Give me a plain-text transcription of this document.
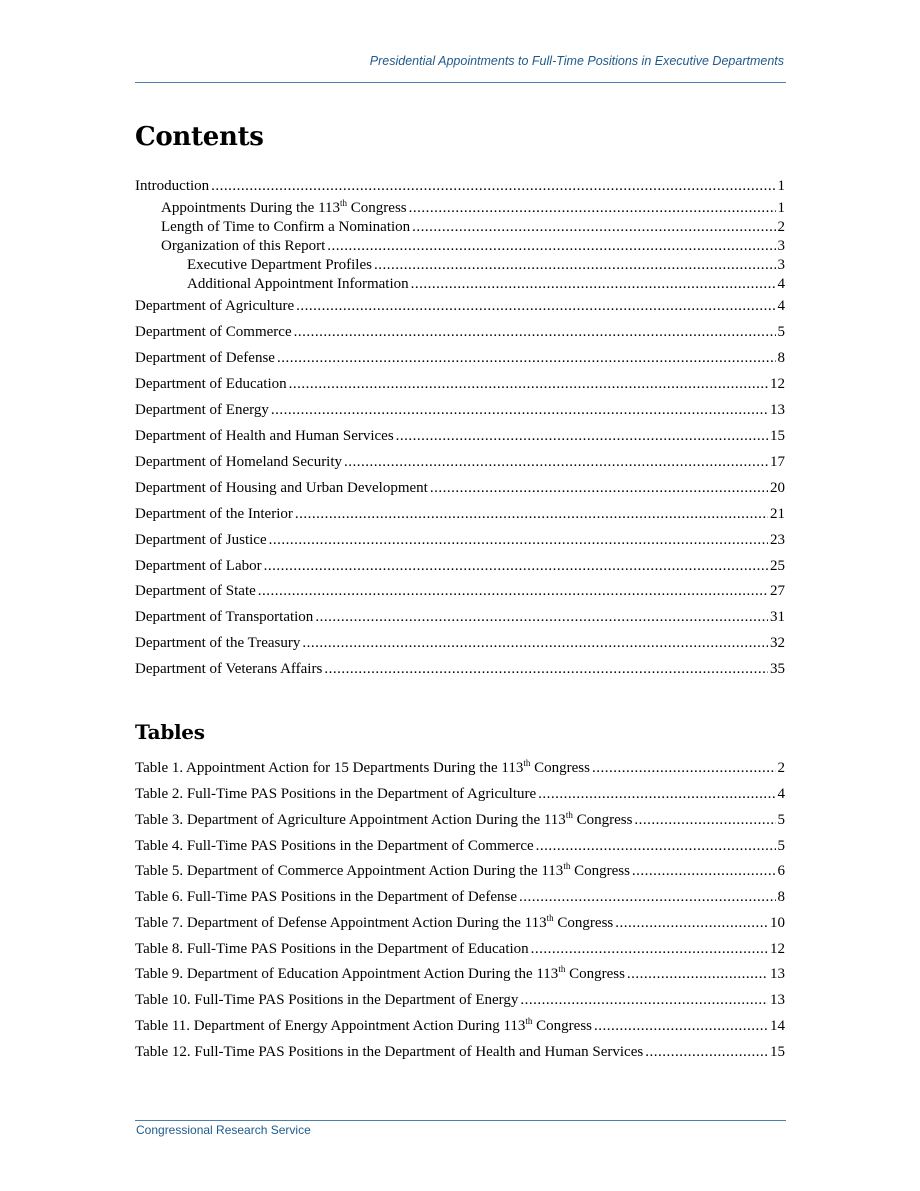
Presidential Appointments to Full-Time Positions in Executive Departments
Contents
Introduction .....	1
Appointments During the 113th Congress .....	1
Length of Time to Confirm a Nomination .....	2
Organization of this Report .....	3
Executive Department Profiles .....	3
Additional Appointment Information .....	4
Department of Agriculture .....	4
Department of Commerce .....	5
Department of Defense .....	8
Department of Education .....	12
Department of Energy .....	13
Department of Health and Human Services .....	15
Department of Homeland Security .....	17
Department of Housing and Urban Development .....	20
Department of the Interior .....	21
Department of Justice .....	23
Department of Labor .....	25
Department of State .....	27
Department of Transportation .....	31
Department of the Treasury .....	32
Department of Veterans Affairs .....	35
Tables
Table 1. Appointment Action for 15 Departments During the 113th Congress .....	2
Table 2. Full-Time PAS Positions in the Department of Agriculture .....	4
Table 3. Department of Agriculture Appointment Action During the 113th Congress .....	5
Table 4. Full-Time PAS Positions in the Department of Commerce .....	5
Table 5. Department of Commerce Appointment Action During the 113th Congress .....	6
Table 6. Full-Time PAS Positions in the Department of Defense .....	8
Table 7. Department of Defense Appointment Action During the 113th Congress .....	10
Table 8. Full-Time PAS Positions in the Department of Education .....	12
Table 9. Department of Education Appointment Action During the 113th Congress .....	13
Table 10. Full-Time PAS Positions in the Department of Energy .....	13
Table 11. Department of Energy Appointment Action During 113th Congress .....	14
Table 12. Full-Time PAS Positions in the Department of Health and Human Services .....	15
Congressional Research Service
